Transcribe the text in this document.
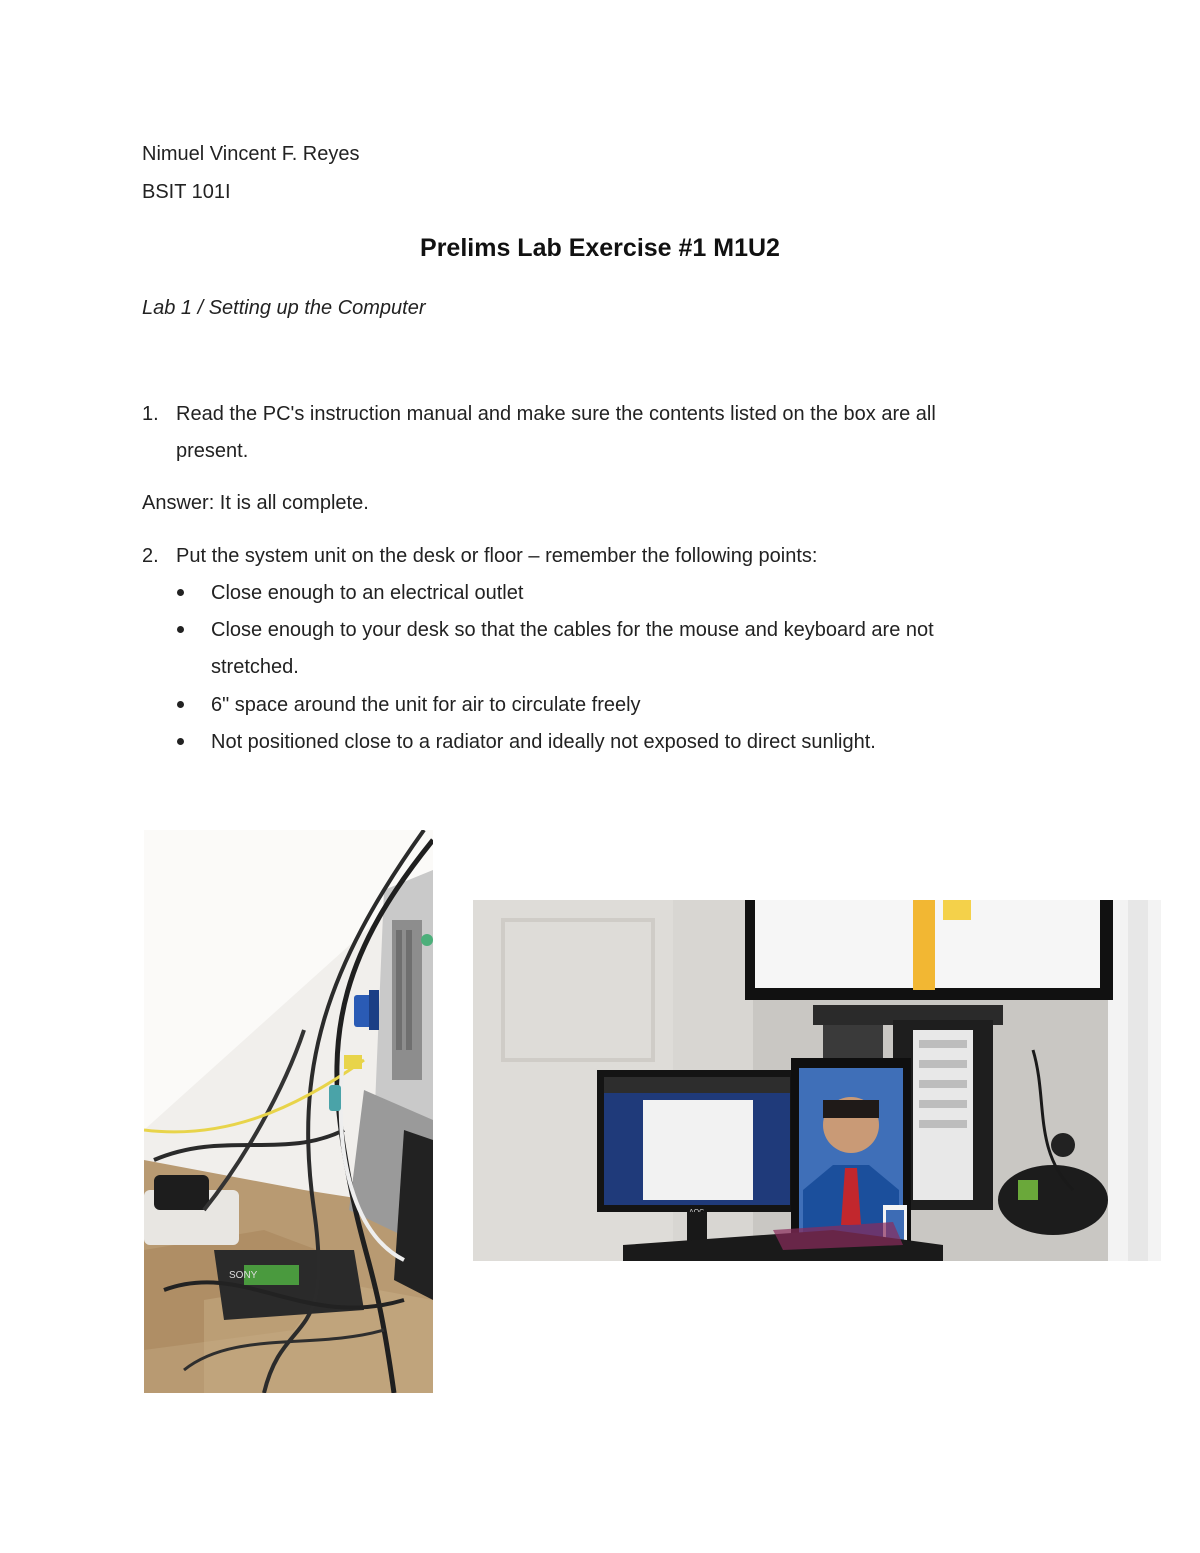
Nimuel Vincent F. Reyes
BSIT 101I
Prelims Lab Exercise #1 M1U2
Lab 1 / Setting up the Computer
1. Read the PC's instruction manual and make sure the contents listed on the box are all
present.
Answer: It is all complete.
2. Put the system unit on the desk or floor – remember the following points:
Close enough to an electrical outlet
Close enough to your desk so that the cables for the mouse and keyboard are not
stretched.
6" space around the unit for air to circulate freely
Not positioned close to a radiator and ideally not exposed to direct sunlight.
SONY
